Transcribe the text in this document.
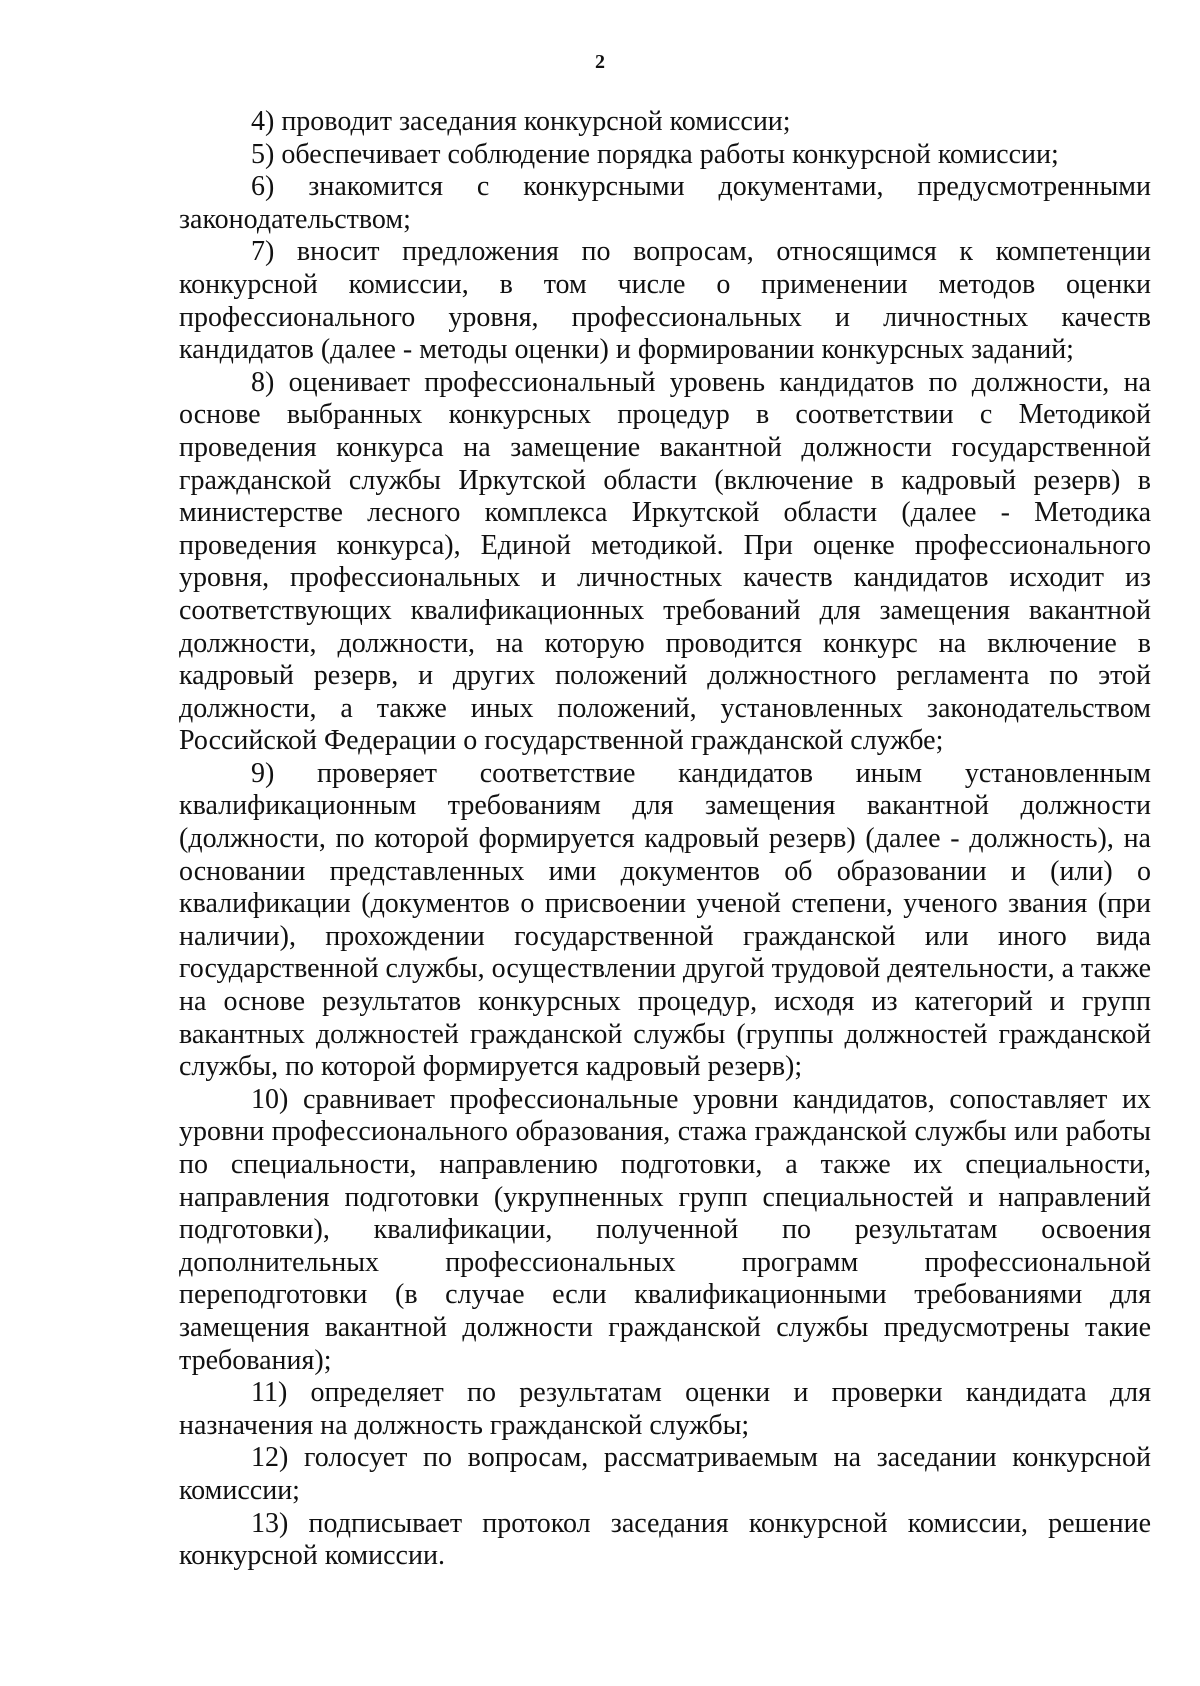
2

4) проводит заседания конкурсной комиссии;

5) обеспечивает соблюдение порядка работы конкурсной комиссии;

6) знакомится с конкурсными документами, предусмотренными законодательством;

7) вносит предложения по вопросам, относящимся к компетенции конкурсной комиссии, в том числе о применении методов оценки профессионального уровня, профессиональных и личностных качеств кандидатов (далее - методы оценки) и формировании конкурсных заданий;

8) оценивает профессиональный уровень кандидатов по должности, на основе выбранных конкурсных процедур в соответствии с Методикой проведения конкурса на замещение вакантной должности государственной гражданской службы Иркутской области (включение в кадровый резерв) в министерстве лесного комплекса Иркутской области (далее - Методика проведения конкурса), Единой методикой. При оценке профессионального уровня, профессиональных и личностных качеств кандидатов исходит из соответствующих квалификационных требований для замещения вакантной должности, должности, на которую проводится конкурс на включение в кадровый резерв, и других положений должностного регламента по этой должности, а также иных положений, установленных законодательством Российской Федерации о государственной гражданской службе;

9) проверяет соответствие кандидатов иным установленным квалификационным требованиям для замещения вакантной должности (должности, по которой формируется кадровый резерв) (далее - должность), на основании представленных ими документов об образовании и (или) о квалификации (документов о присвоении ученой степени, ученого звания (при наличии), прохождении государственной гражданской или иного вида государственной службы, осуществлении другой трудовой деятельности, а также на основе результатов конкурсных процедур, исходя из категорий и групп вакантных должностей гражданской службы (группы должностей гражданской службы, по которой формируется кадровый резерв);

10) сравнивает профессиональные уровни кандидатов, сопоставляет их уровни профессионального образования, стажа гражданской службы или работы по специальности, направлению подготовки, а также их специальности, направления подготовки (укрупненных групп специальностей и направлений подготовки), квалификации, полученной по результатам освоения дополнительных профессиональных программ профессиональной переподготовки (в случае если квалификационными требованиями для замещения вакантной должности гражданской службы предусмотрены такие требования);

11) определяет по результатам оценки и проверки кандидата для назначения на должность гражданской службы;

12) голосует по вопросам, рассматриваемым на заседании конкурсной комиссии;

13) подписывает протокол заседания конкурсной комиссии, решение конкурсной комиссии.
